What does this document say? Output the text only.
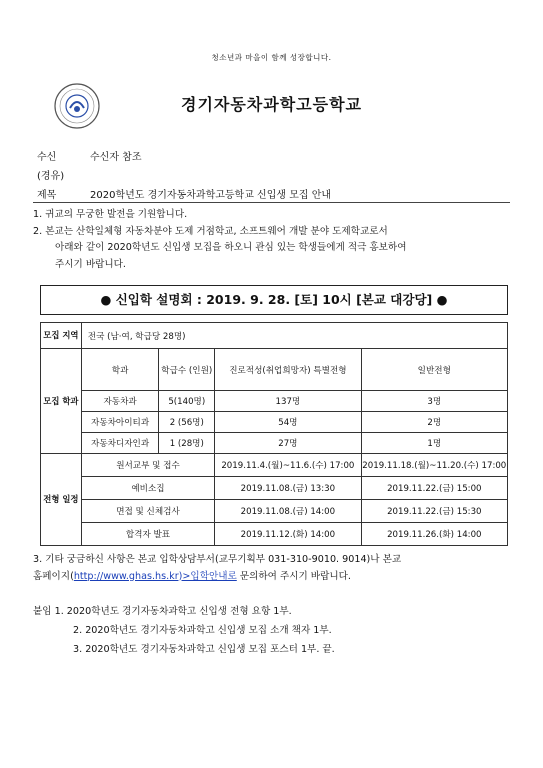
청소년과 마을이 함께 성장합니다.
경기자동차과학고등학교
수신	수신자 참조
(경유)
제목	2020학년도 경기자동차과학고등학교 신입생 모집 안내
1. 귀교의 무궁한 발전을 기원합니다.
2. 본교는 산학일체형 자동차분야 도제 거점학교, 소프트웨어 개발 분야 도제학교로서
아래와 같이 2020학년도 신입생 모집을 하오니 관심 있는 학생들에게 적극 홍보하여
주시기 바랍니다.
● 신입학 설명회 : 2019. 9. 28. [토] 10시 [본교 대강당] ●
모집 지역	전국 (남·여, 학급당 28명)			
모집 학과	학과	학급수 (인원)	진로적성(취업희망자) 특별전형	일반전형
	자동차과	5(140명)	137명	3명
	자동차아이티과	2 (56명)	54명	2명
	자동차디자인과	1 (28명)	27명	1명
전형 일정	원서교부 및 접수		2019.11.4.(월)~11.6.(수) 17:00	2019.11.18.(월)~11.20.(수) 17:00
	예비소집		2019.11.08.(금) 13:30	2019.11.22.(금) 15:00
	면접 및 신체검사		2019.11.08.(금) 14:00	2019.11.22.(금) 15:30
	합격자 발표		2019.11.12.(화) 14:00	2019.11.26.(화) 14:00
3. 기타 궁금하신 사항은 본교 입학상담부서(교무기획부 031-310-9010. 9014)나 본교
홈페이지(http://www.ghas.hs.kr)>입학안내로 문의하여 주시기 바랍니다.
붙임 1. 2020학년도 경기자동차과학고 신입생 전형 요항 1부.
2. 2020학년도 경기자동차과학고 신입생 모집 소개 책자 1부.
3. 2020학년도 경기자동차과학고 신입생 모집 포스터 1부. 끝.
